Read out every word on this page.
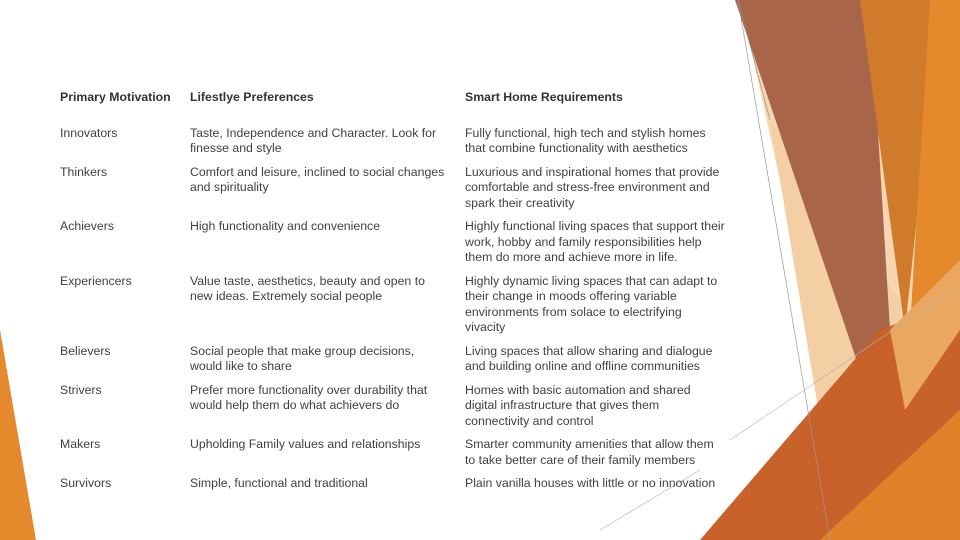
Primary Motivation	Lifestlye Preferences	Smart Home Requirements
Innovators	Taste, Independence and Character. Look for finesse and style	Fully functional, high tech and stylish homes that combine functionality with aesthetics
Thinkers	Comfort and leisure, inclined to social changes and spirituality	Luxurious and inspirational homes that provide comfortable and stress-free environment and spark their creativity
Achievers	High functionality and convenience	Highly functional living spaces that support their work, hobby and family responsibilities help them do more and achieve more in life.
Experiencers	Value taste, aesthetics, beauty and open to new ideas. Extremely social people	Highly dynamic living spaces that can adapt to their change in moods offering variable environments from solace to electrifying vivacity
Believers	Social people that make group decisions, would like to share	Living spaces that allow sharing and dialogue and building online and offline communities
Strivers	Prefer more functionality over durability that would help them do what achievers do	Homes with basic automation and shared digital infrastructure that gives them connectivity and control
Makers	Upholding Family values and relationships	Smarter community amenities that allow them to take better care of their family members
Survivors	Simple, functional and traditional	Plain vanilla houses with little or no innovation
